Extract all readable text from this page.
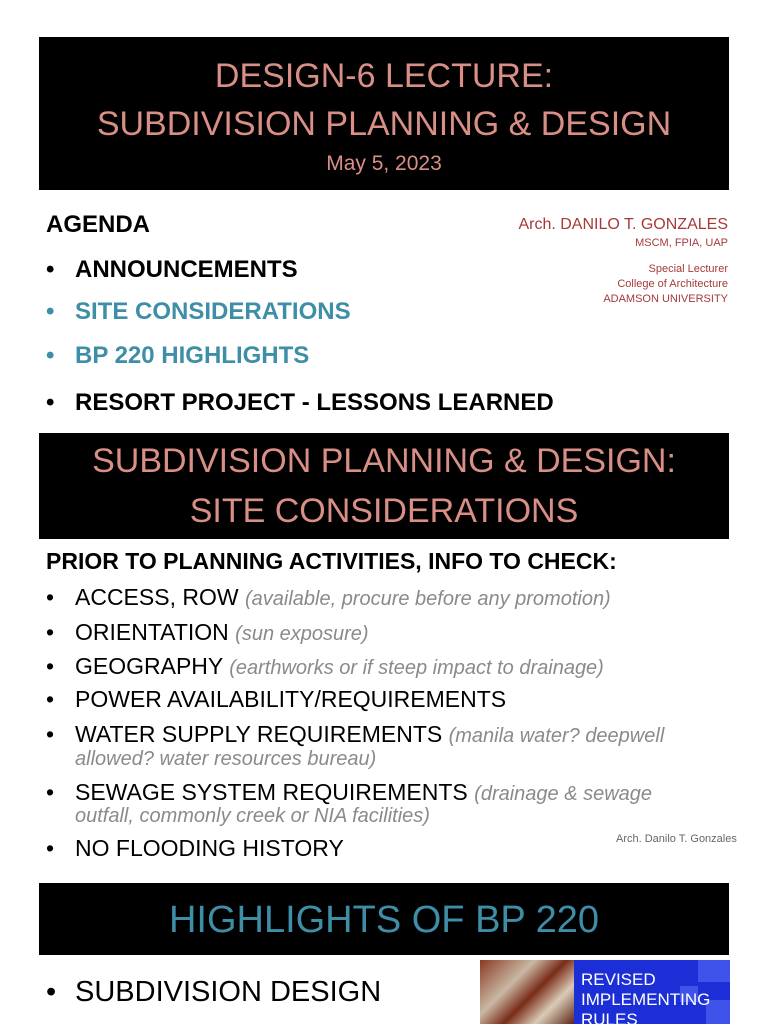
DESIGN-6 LECTURE:
SUBDIVISION PLANNING & DESIGN
May 5, 2023
AGENDA
• ANNOUNCEMENTS
• SITE CONSIDERATIONS
• BP 220 HIGHLIGHTS
• RESORT PROJECT - LESSONS LEARNED
Arch. DANILO T. GONZALES
MSCM, FPIA, UAP
Special Lecturer
College of Architecture
ADAMSON UNIVERSITY
SUBDIVISION PLANNING & DESIGN:
SITE CONSIDERATIONS
PRIOR TO PLANNING ACTIVITIES, INFO TO CHECK:
• ACCESS, ROW (available, procure before any promotion)
• ORIENTATION (sun exposure)
• GEOGRAPHY (earthworks or if steep impact to drainage)
• POWER AVAILABILITY/REQUIREMENTS
• WATER SUPPLY REQUIREMENTS (manila water? deepwell
allowed? water resources bureau)
• SEWAGE SYSTEM REQUIREMENTS (drainage & sewage
outfall, commonly creek or NIA facilities)
• NO FLOODING HISTORY	Arch. Danilo T. Gonzales
HIGHLIGHTS OF BP 220
• SUBDIVISION DESIGN	REVISED
IMPLEMENTING
RULES
